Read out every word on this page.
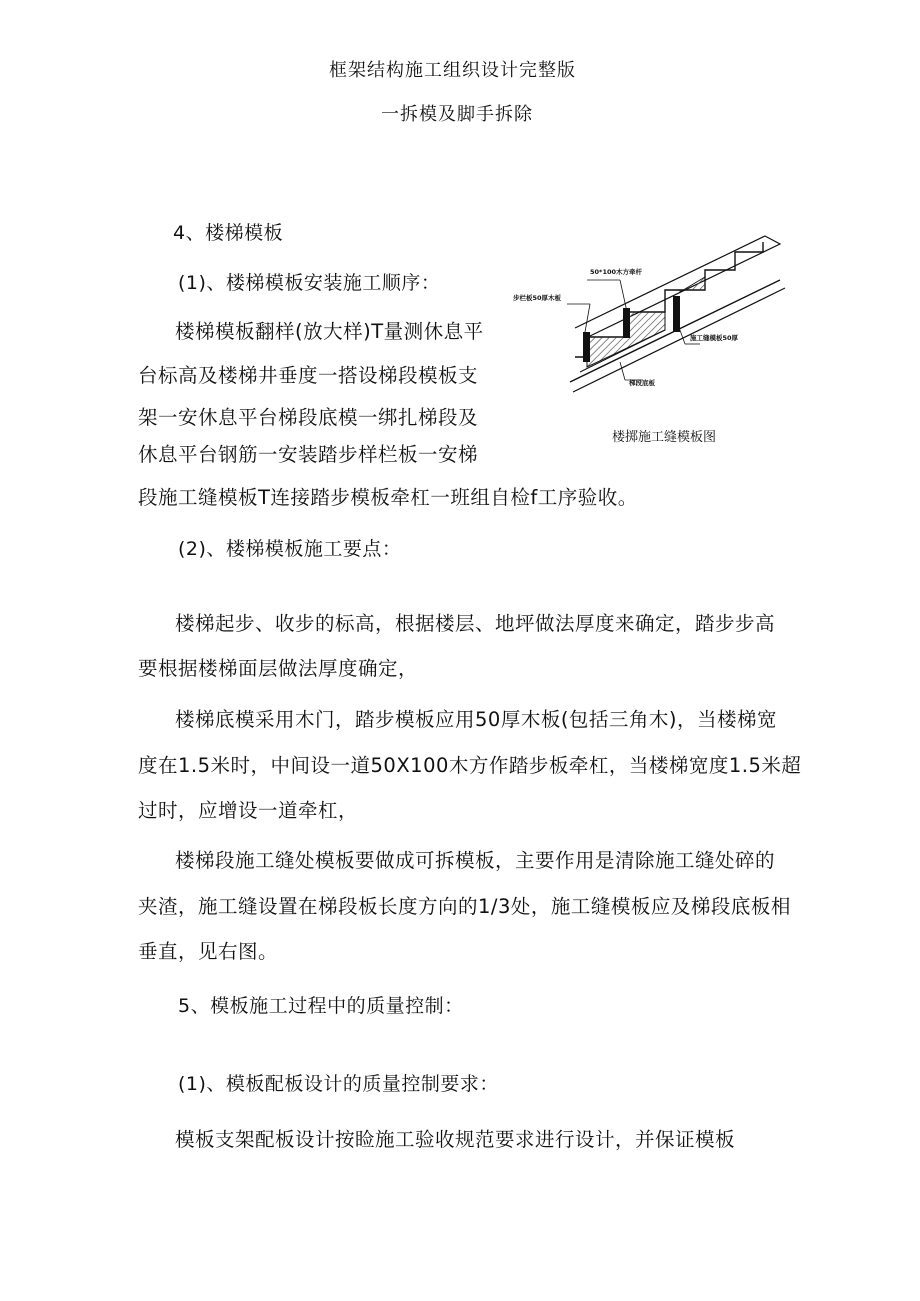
框架结构施工组织设计完整版
一拆模及脚手拆除
4、楼梯模板
(1)、楼梯模板安装施工顺序：
楼梯模板翻样(放大样)T量测休息平
台标高及楼梯井垂度一搭设梯段模板支
架一安休息平台梯段底模一绑扎梯段及
休息平台钢筋一安装踏步样栏板一安梯
段施工缝模板T连接踏步模板牵杠一班组自检f工序验收。
50*100木方牵杆
步栏板50厚木板
施工缝模板50厚
梯段底板
楼掷施工缝模板图
(2)、楼梯模板施工要点：
楼梯起步、收步的标高，根据楼层、地坪做法厚度来确定，踏步步高
要根据楼梯面层做法厚度确定，
楼梯底模采用木门，踏步模板应用50厚木板(包括三角木)，当楼梯宽
度在1.5米时，中间设一道50X100木方作踏步板牵杠，当楼梯宽度1.5米超
过时，应增设一道牵杠，
楼梯段施工缝处模板要做成可拆模板，主要作用是清除施工缝处碎的
夹渣，施工缝设置在梯段板长度方向的1/3处，施工缝模板应及梯段底板相
垂直，见右图。
5、模板施工过程中的质量控制：
(1)、模板配板设计的质量控制要求：
模板支架配板设计按睑施工验收规范要求进行设计，并保证模板
